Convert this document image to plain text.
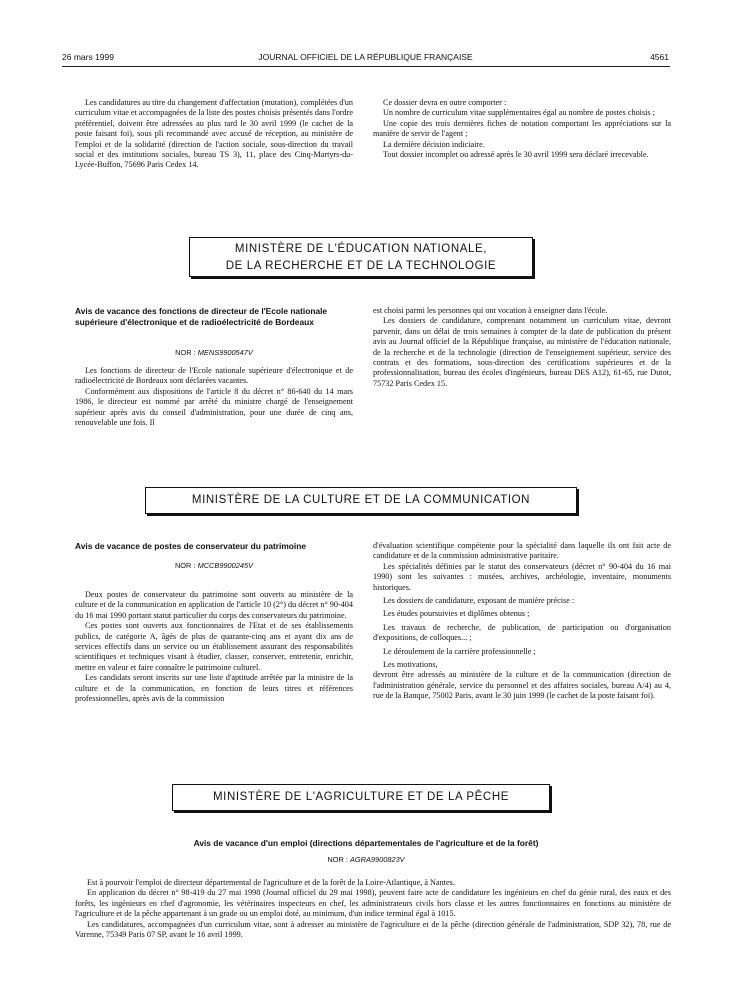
26 mars 1999	JOURNAL OFFICIEL DE LA RÉPUBLIQUE FRANÇAISE	4561

Les candidatures au titre du changement d'affectation (mutation), complétées d'un curriculum vitae et accompagnées de la liste des postes choisis présentés dans l'ordre préférentiel, doivent être adressées au plus tard le 30 avril 1999 (le cachet de la poste faisant foi), sous pli recommandé avec accusé de réception, au ministère de l'emploi et de la solidarité (direction de l'action sociale, sous-direction du travail social et des institutions sociales, bureau TS 3), 11, place des Cinq-Martyrs-du-Lycée-Buffon, 75696 Paris Cedex 14.

Ce dossier devra en outre comporter :

Un nombre de curriculum vitae supplémentaires égal au nombre de postes choisis ;

Une copie des trois dernières fiches de notation comportant les appréciations sur la manière de servir de l'agent ;

La dernière décision indiciaire.

Tout dossier incomplet ou adressé après le 30 avril 1999 sera déclaré irrecevable.

MINISTÈRE DE L'ÉDUCATION NATIONALE,
DE LA RECHERCHE ET DE LA TECHNOLOGIE
Avis de vacance des fonctions de directeur de l'Ecole nationale supérieure d'électronique et de radioélectricité de Bordeaux
NOR : MENS9900547V

Les fonctions de directeur de l'Ecole nationale supérieure d'électronique et de radioélectricité de Bordeaux sont déclarées vacantes.

Conformément aux dispositions de l'article 8 du décret n° 86-640 du 14 mars 1986, le directeur est nommé par arrêté du ministre chargé de l'enseignement supérieur après avis du conseil d'administration, pour une durée de cinq ans, renouvelable une fois. Il

est choisi parmi les personnes qui ont vocation à enseigner dans l'école.

Les dossiers de candidature, comprenant notamment un curriculum vitae, devront parvenir, dans un délai de trois semaines à compter de la date de publication du présent avis au Journal officiel de la République française, au ministère de l'éducation nationale, de la recherche et de la technologie (direction de l'enseignement supérieur, service des contrats et des formations, sous-direction des certifications supérieures et de la professionnalisation, bureau des écoles d'ingénieurs, bureau DES A12), 61-65, rue Dutot, 75732 Paris Cedex 15.

MINISTÈRE DE LA CULTURE ET DE LA COMMUNICATION
Avis de vacance de postes de conservateur du patrimoine
NOR : MCCB9900245V

Deux postes de conservateur du patrimoine sont ouverts au ministère de la culture et de la communication en application de l'article 10 (2°) du décret n° 90-404 du 16 mai 1990 portant statut particulier du corps des conservateurs du patrimoine.

Ces postes sont ouverts aux fonctionnaires de l'Etat et de ses établissements publics, de catégorie A, âgés de plus de quarante-cinq ans et ayant dix ans de services effectifs dans un service ou un établissement assurant des responsabilités scientifiques et techniques visant à étudier, classer, conserver, entretenir, enrichir, mettre en valeur et faire connaître le patrimoine culturel.

Les candidats seront inscrits sur une liste d'aptitude arrêtée par la ministre de la culture et de la communication, en fonction de leurs titres et références professionnelles, après avis de la commission

d'évaluation scientifique compétente pour la spécialité dans laquelle ils ont fait acte de candidature et de la commission administrative paritaire.

Les spécialités définies par le statut des conservateurs (décret n° 90-404 du 16 mai 1990) sont les suivantes : musées, archives, archéologie, inventaire, monuments historiques.

Les dossiers de candidature, exposant de manière précise :

Les études poursuivies et diplômes obtenus ;

Les travaux de recherche, de publication, de participation ou d'organisation d'expositions, de colloques... ;

Le déroulement de la carrière professionnelle ;

Les motivations,

devront être adressés au ministère de la culture et de la communication (direction de l'administration générale, service du personnel et des affaires sociales, bureau A/4) au 4, rue de la Banque, 75002 Paris, avant le 30 juin 1999 (le cachet de la poste faisant foi).

MINISTÈRE DE L'AGRICULTURE ET DE LA PÊCHE
Avis de vacance d'un emploi (directions départementales de l'agriculture et de la forêt)
NOR : AGRA9900823V

Est à pourvoir l'emploi de directeur départemental de l'agriculture et de la forêt de la Loire-Atlantique, à Nantes.

En application du décret n° 98-419 du 27 mai 1998 (Journal officiel du 29 mai 1998), peuvent faire acte de candidature les ingénieurs en chef du génie rural, des eaux et des forêts, les ingénieurs en chef d'agronomie, les vétérinaires inspecteurs en chef, les administrateurs civils hors classe et les autres fonctionnaires en fonctions au ministère de l'agriculture et de la pêche appartenant à un grade ou un emploi doté, au minimum, d'un indice terminal égal à 1015.

Les candidatures, accompagnées d'un curriculum vitae, sont à adresser au ministère de l'agriculture et de la pêche (direction générale de l'administration, SDP 32), 78, rue de Varenne, 75349 Paris 07 SP, avant le 16 avril 1999.
